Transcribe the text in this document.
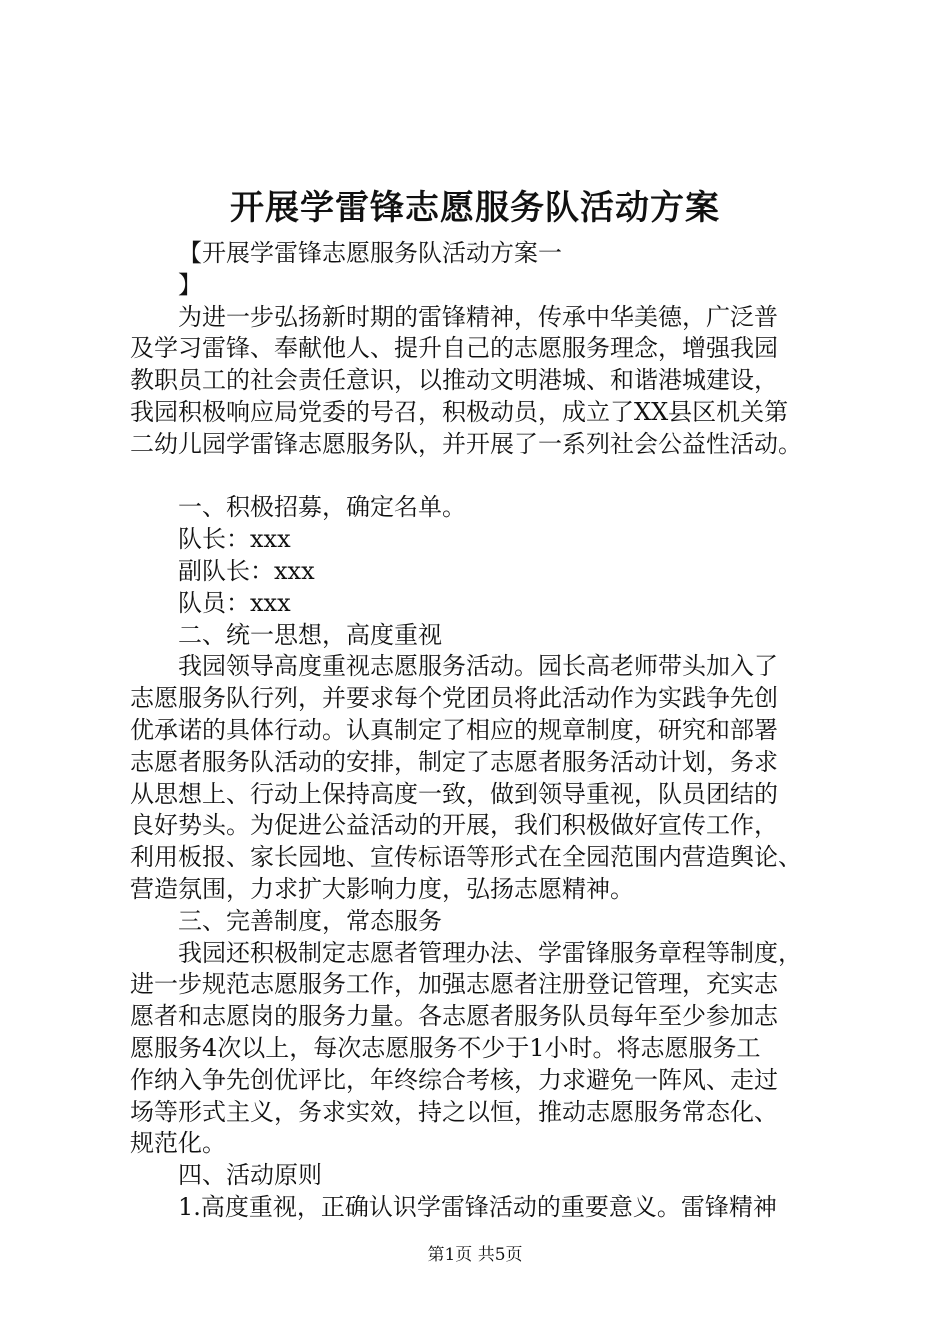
开展学雷锋志愿服务队活动方案
【开展学雷锋志愿服务队活动方案一
】
为进一步弘扬新时期的雷锋精神，传承中华美德，广泛普
及学习雷锋、奉献他人、提升自己的志愿服务理念，增强我园
教职员工的社会责任意识，以推动文明港城、和谐港城建设，
我园积极响应局党委的号召，积极动员，成立了XX县区机关第
二幼儿园学雷锋志愿服务队，并开展了一系列社会公益性活动。
一、积极招募，确定名单。
队长：xxx
副队长：xxx
队员：xxx
二、统一思想，高度重视
我园领导高度重视志愿服务活动。园长高老师带头加入了
志愿服务队行列，并要求每个党团员将此活动作为实践争先创
优承诺的具体行动。认真制定了相应的规章制度，研究和部署
志愿者服务队活动的安排，制定了志愿者服务活动计划，务求
从思想上、行动上保持高度一致，做到领导重视，队员团结的
良好势头。为促进公益活动的开展，我们积极做好宣传工作，
利用板报、家长园地、宣传标语等形式在全园范围内营造舆论、
营造氛围，力求扩大影响力度，弘扬志愿精神。
三、完善制度，常态服务
我园还积极制定志愿者管理办法、学雷锋服务章程等制度，
进一步规范志愿服务工作，加强志愿者注册登记管理，充实志
愿者和志愿岗的服务力量。各志愿者服务队员每年至少参加志
愿服务4次以上，每次志愿服务不少于1小时。将志愿服务工
作纳入争先创优评比，年终综合考核，力求避免一阵风、走过
场等形式主义，务求实效，持之以恒，推动志愿服务常态化、
规范化。
四、活动原则
1.高度重视，正确认识学雷锋活动的重要意义。雷锋精神
第1页 共5页
